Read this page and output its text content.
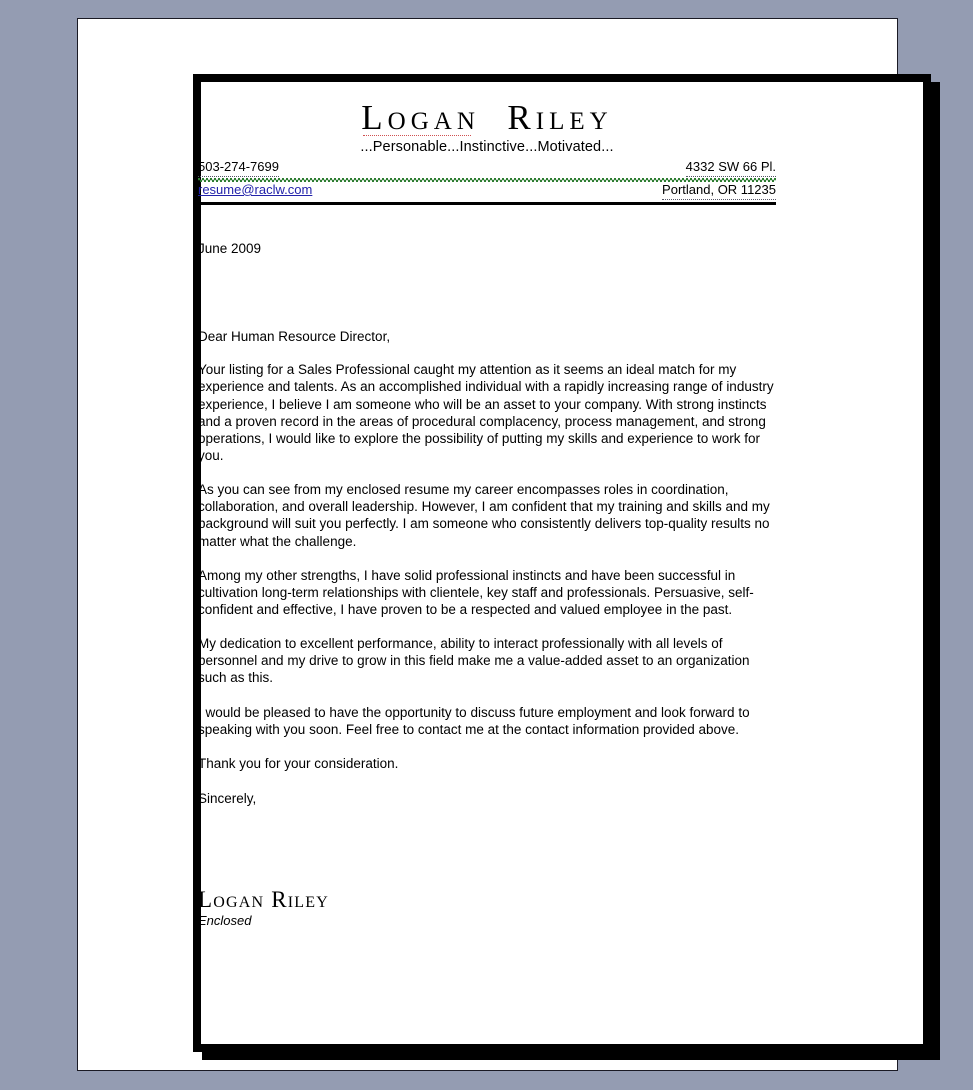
Logan Riley
...Personable...Instinctive...Motivated...
503-274-7699	4332 SW 66 Pl.
resume@raclw.com	Portland, OR 11235
June 2009
Dear Human Resource Director,
Your listing for a Sales Professional caught my attention as it seems an ideal match for my experience and talents. As an accomplished individual with a rapidly increasing range of industry experience, I believe I am someone who will be an asset to your company. With strong instincts and a proven record in the areas of procedural complacency, process management, and strong operations, I would like to explore the possibility of putting my skills and experience to work for you.
As you can see from my enclosed resume my career encompasses roles in coordination, collaboration, and overall leadership. However, I am confident that my training and skills and my background will suit you perfectly. I am someone who consistently delivers top-quality results no matter what the challenge.
Among my other strengths, I have solid professional instincts and have been successful in cultivation long-term relationships with clientele, key staff and professionals. Persuasive, self-confident and effective, I have proven to be a respected and valued employee in the past.
My dedication to excellent performance, ability to interact professionally with all levels of personnel and my drive to grow in this field make me a value-added asset to an organization such as this.
I would be pleased to have the opportunity to discuss future employment and look forward to speaking with you soon. Feel free to contact me at the contact information provided above.
Thank you for your consideration.
Sincerely,
Logan Riley
Enclosed
